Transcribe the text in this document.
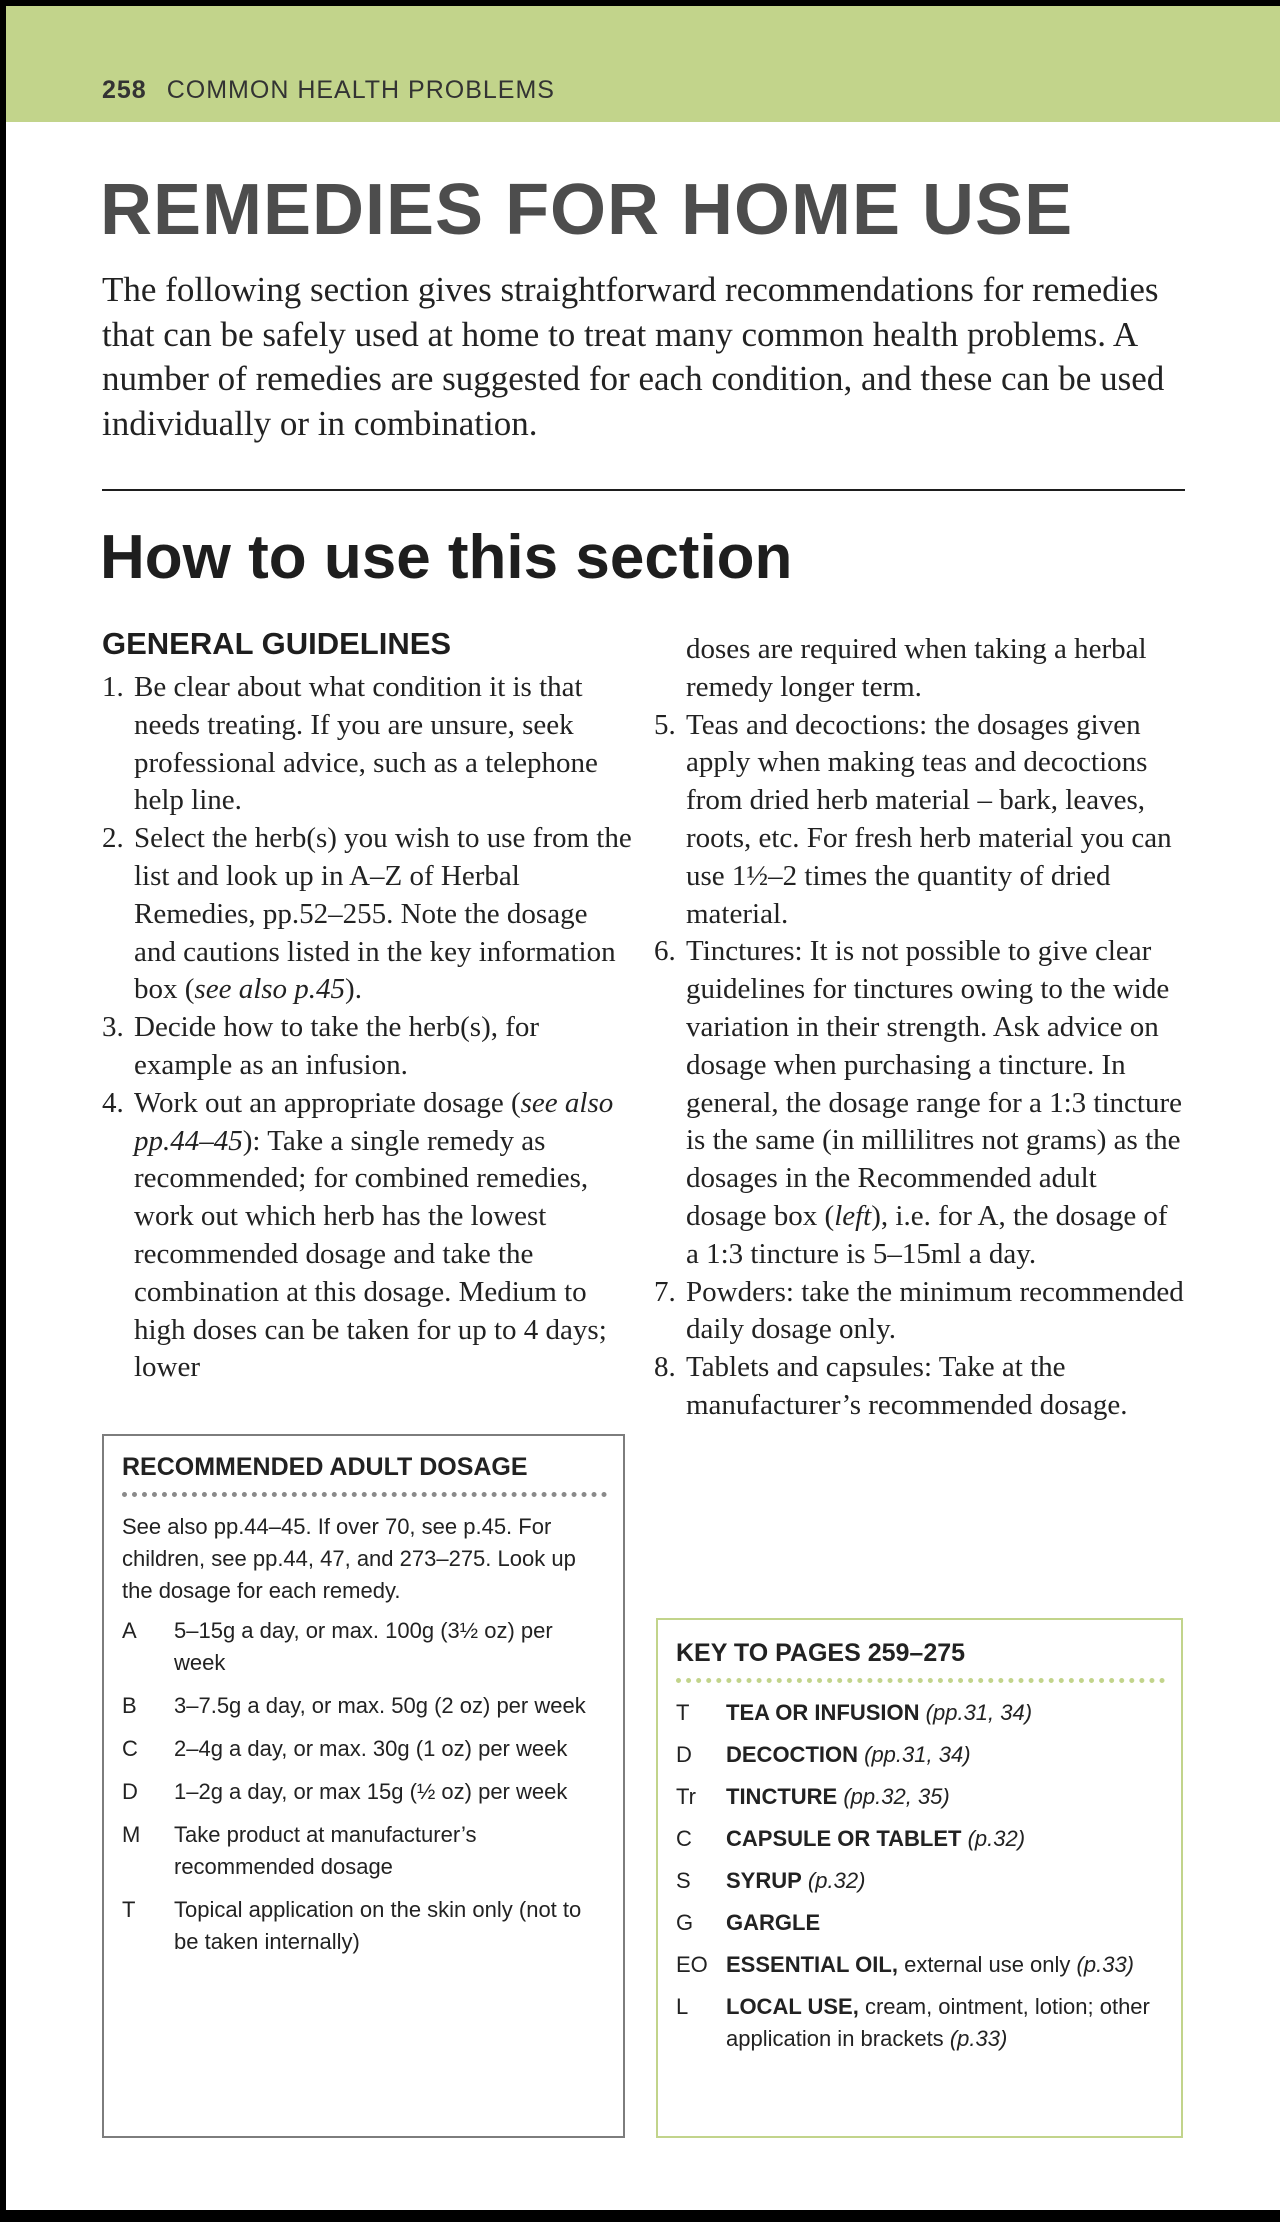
258 COMMON HEALTH PROBLEMS
REMEDIES FOR HOME USE

The following section gives straightforward recommendations for remedies that can be safely used at home to treat many common health problems. A number of remedies are suggested for each condition, and these can be used individually or in combination.

How to use this section
GENERAL GUIDELINES
1. Be clear about what condition it is that needs treating. If you are unsure, seek professional advice, such as a telephone help line.
2. Select the herb(s) you wish to use from the list and look up in A–Z of Herbal Remedies, pp.52–255. Note the dosage and cautions listed in the key information box (see also p.45).
3. Decide how to take the herb(s), for example as an infusion.
4. Work out an appropriate dosage (see also pp.44–45): Take a single remedy as recommended; for combined remedies, work out which herb has the lowest recommended dosage and take the combination at this dosage. Medium to high doses can be taken for up to 4 days; lower
doses are required when taking a herbal remedy longer term.
5. Teas and decoctions: the dosages given apply when making teas and decoctions from dried herb material – bark, leaves, roots, etc. For fresh herb material you can use 1½–2 times the quantity of dried material.
6. Tinctures: It is not possible to give clear guidelines for tinctures owing to the wide variation in their strength. Ask advice on dosage when purchasing a tincture. In general, the dosage range for a 1:3 tincture is the same (in millilitres not grams) as the dosages in the Recommended adult dosage box (left), i.e. for A, the dosage of a 1:3 tincture is 5–15ml a day.
7. Powders: take the minimum recommended daily dosage only.
8. Tablets and capsules: Take at the manufacturer’s recommended dosage.
RECOMMENDED ADULT DOSAGE

See also pp.44–45. If over 70, see p.45. For children, see pp.44, 47, and 273–275. Look up the dosage for each remedy.

A	5–15g a day, or max. 100g (3½ oz) per week
B	3–7.5g a day, or max. 50g (2 oz) per week
C	2–4g a day, or max. 30g (1 oz) per week
D	1–2g a day, or max 15g (½ oz) per week
M	Take product at manufacturer’s recommended dosage
T	Topical application on the skin only (not to be taken internally)
KEY TO PAGES 259–275
T	TEA OR INFUSION (pp.31, 34)
D	DECOCTION (pp.31, 34)
Tr	TINCTURE (pp.32, 35)
C	CAPSULE OR TABLET (p.32)
S	SYRUP (p.32)
G	GARGLE
EO ESSENTIAL OIL, external use only (p.33)
L	LOCAL USE, cream, ointment, lotion; other application in brackets (p.33)
